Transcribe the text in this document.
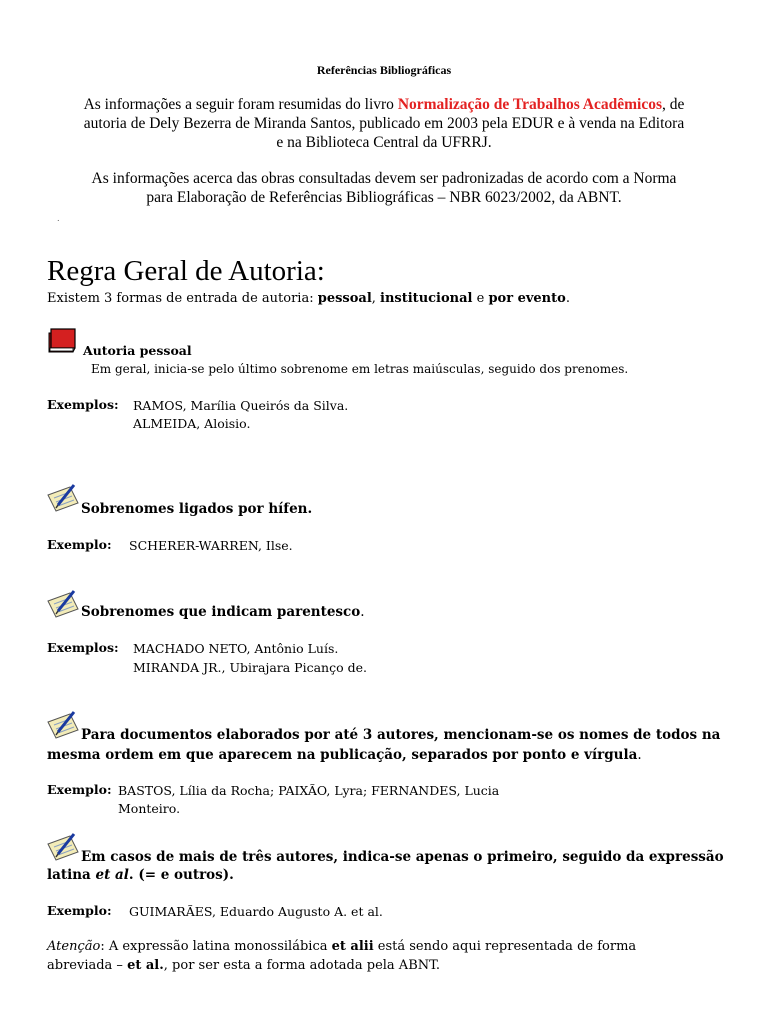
Referências Bibliográficas
As informações a seguir foram resumidas do livro Normalização de Trabalhos Acadêmicos, de
autoria de Dely Bezerra de Miranda Santos, publicado em 2003 pela EDUR e à venda na Editora
e na Biblioteca Central da UFRRJ.
As informações acerca das obras consultadas devem ser padronizadas de acordo com a Norma
para Elaboração de Referências Bibliográficas – NBR 6023/2002, da ABNT.
.
Regra Geral de Autoria:
Existem 3 formas de entrada de autoria: pessoal, institucional e por evento.
Autoria pessoal
Em geral, inicia-se pelo último sobrenome em letras maiúsculas, seguido dos prenomes.
Exemplos: RAMOS, Marília Queirós da Silva.
ALMEIDA, Aloisio.
Sobrenomes ligados por hífen.
Exemplo: SCHERER-WARREN, Ilse.
Sobrenomes que indicam parentesco.
Exemplos: MACHADO NETO, Antônio Luís.
MIRANDA JR., Ubirajara Picanço de.
Para documentos elaborados por até 3 autores, mencionam-se os nomes de todos na
mesma ordem em que aparecem na publicação, separados por ponto e vírgula.
Exemplo: BASTOS, Lília da Rocha; PAIXÃO, Lyra; FERNANDES, Lucia
Monteiro.
Em casos de mais de três autores, indica-se apenas o primeiro, seguido da expressão
latina et al. (= e outros).
Exemplo: GUIMARÃES, Eduardo Augusto A. et al.
Atenção: A expressão latina monossilábica et alii está sendo aqui representada de forma
abreviada – et al., por ser esta a forma adotada pela ABNT.
